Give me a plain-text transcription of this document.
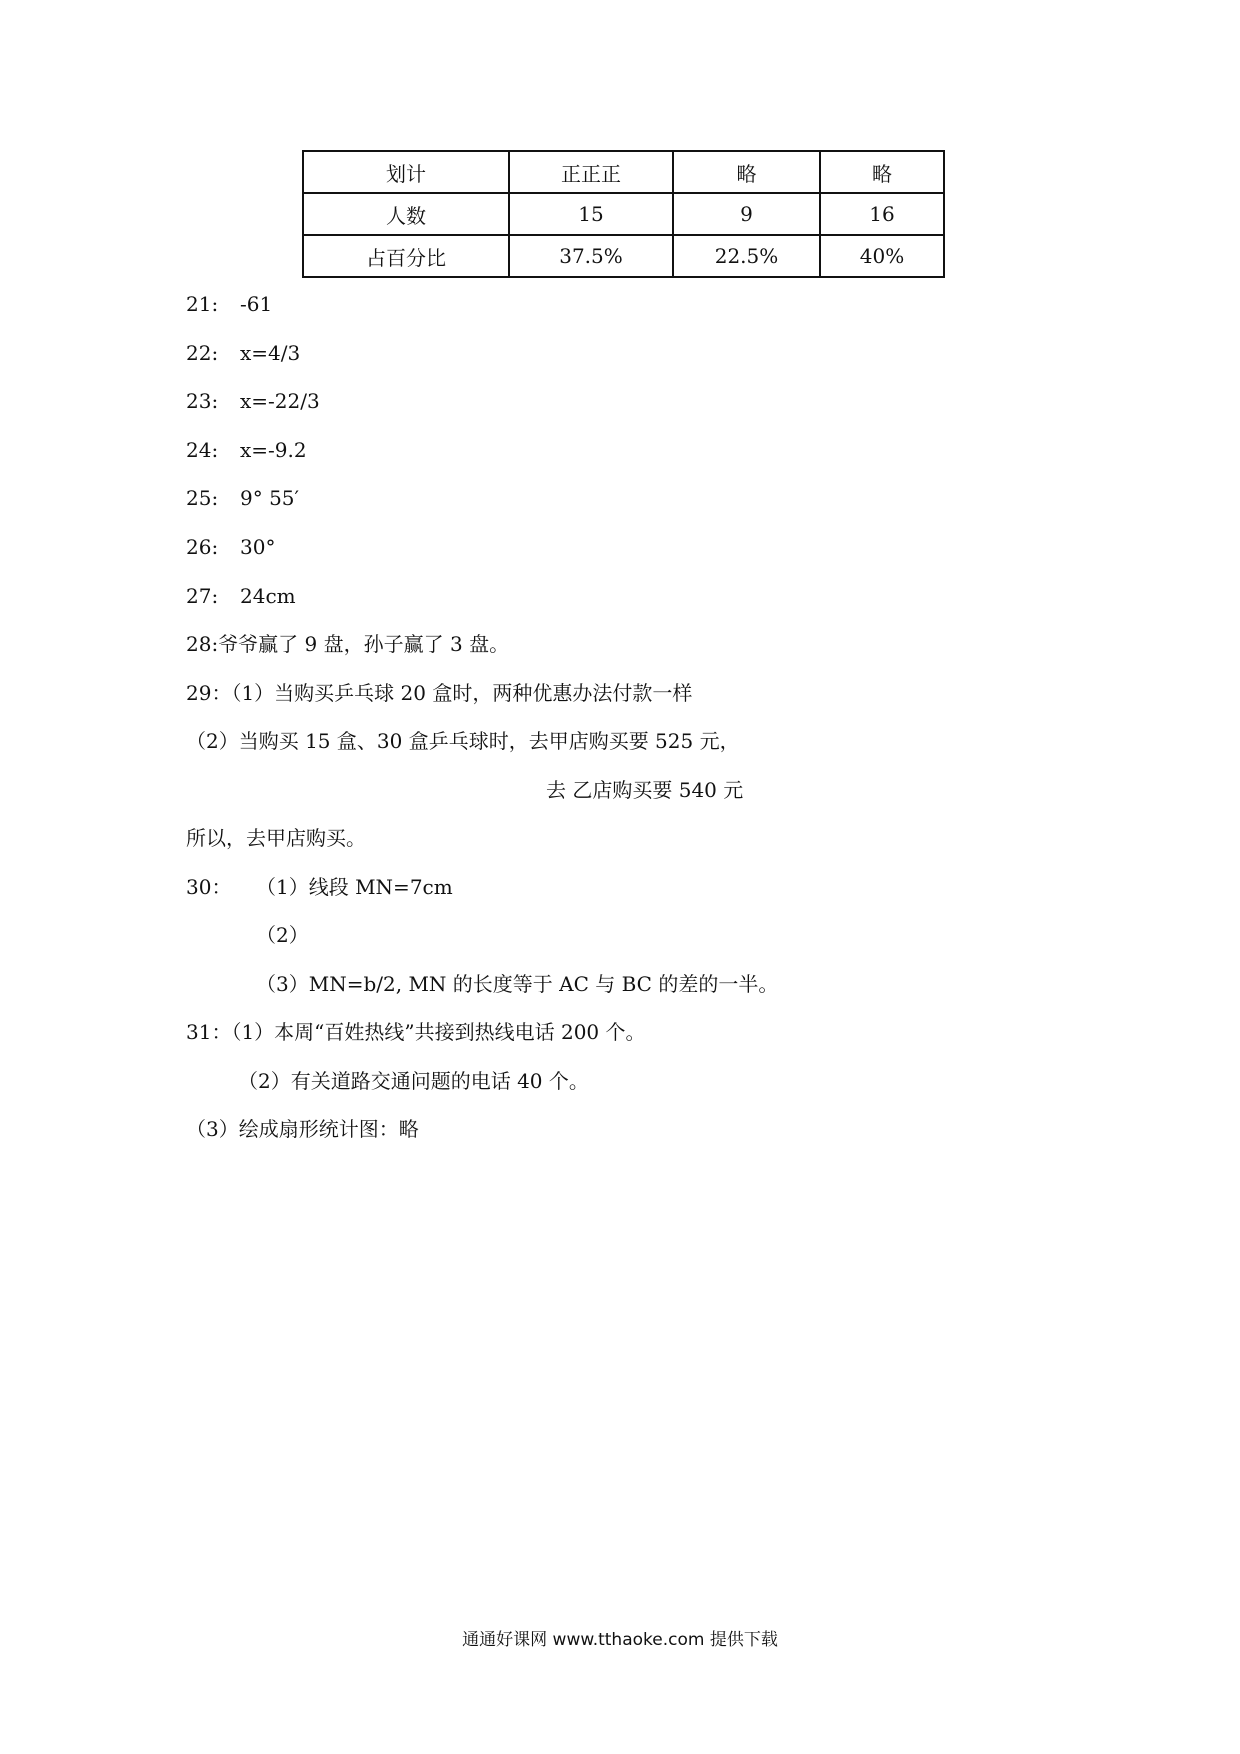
划计	正正正	略	略
人数	15	9	16
占百分比	37.5%	22.5%	40%
21: -61
22: x=4/3
23: x=-22/3
24: x=-9.2
25: 9° 55′
26: 30°
27: 24cm
28:爷爷赢了 9 盘，孙子赢了 3 盘。
29：（1）当购买乒乓球 20 盒时，两种优惠办法付款一样
（2）当购买 15 盒、30 盒乒乓球时，去甲店购买要 525 元，
去 乙店购买要 540 元
所以，去甲店购买。
30： （1）线段 MN=7cm
（2）
（3）MN=b/2, MN 的长度等于 AC 与 BC 的差的一半。
31：（1）本周“百姓热线”共接到热线电话 200 个。
（2）有关道路交通问题的电话 40 个。
（3）绘成扇形统计图：略
通通好课网 www.tthaoke.com 提供下载
